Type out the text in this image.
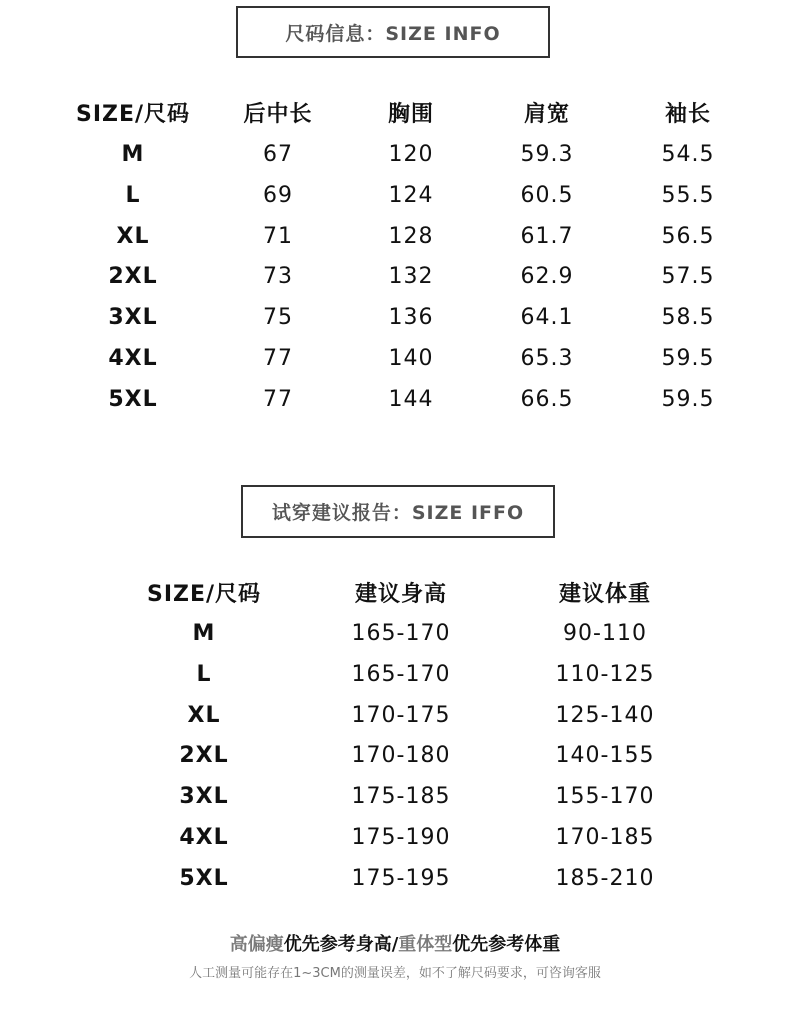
尺码信息：SIZE INFO
SIZE/尺码	后中长	胸围	肩宽	袖长
M	67	120	59.3	54.5
L	69	124	60.5	55.5
XL	71	128	61.7	56.5
2XL	73	132	62.9	57.5
3XL	75	136	64.1	58.5
4XL	77	140	65.3	59.5
5XL	77	144	66.5	59.5
试穿建议报告：SIZE IFFO
SIZE/尺码	建议身高	建议体重
M	165-170	90-110
L	165-170	110-125
XL	170-175	125-140
2XL	170-180	140-155
3XL	175-185	155-170
4XL	175-190	170-185
5XL	175-195	185-210
高偏瘦优先参考身高/重体型优先参考体重
人工测量可能存在1~3CM的测量误差，如不了解尺码要求，可咨询客服
